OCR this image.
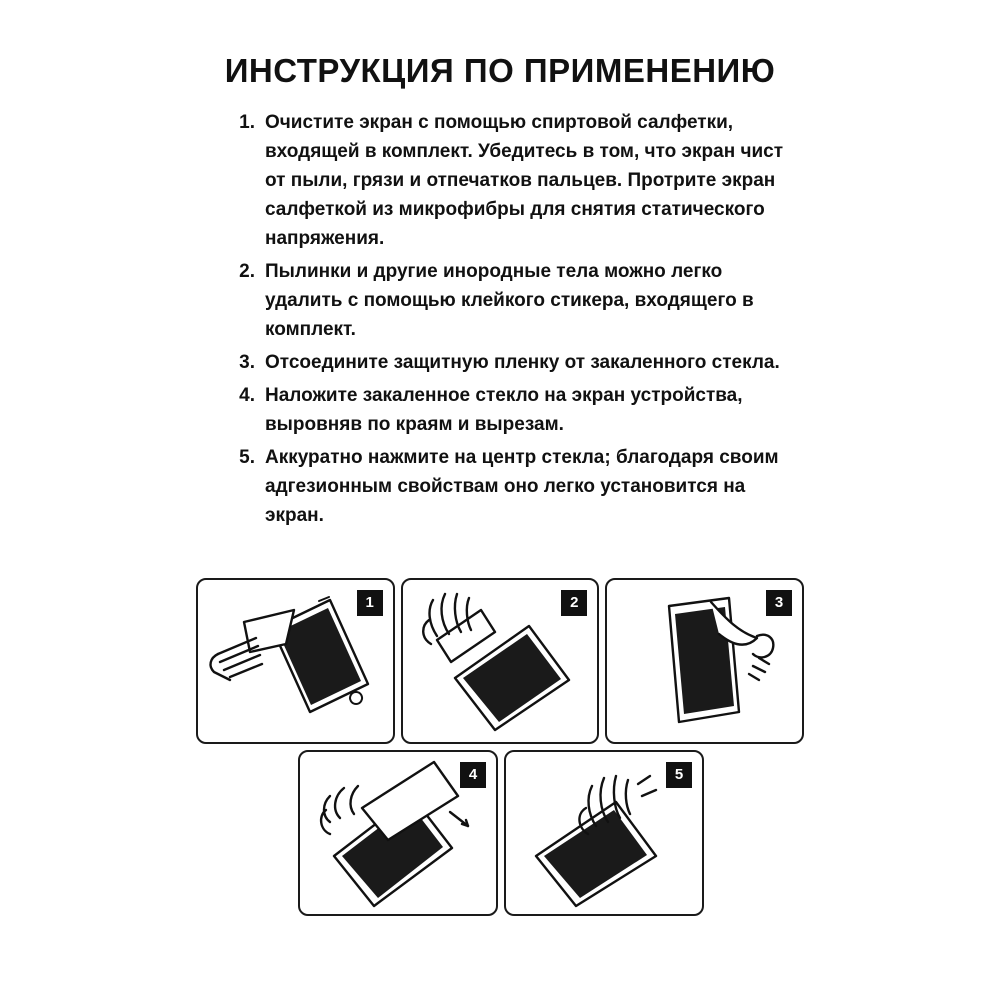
ИНСТРУКЦИЯ ПО ПРИМЕНЕНИЮ
1. Очистите экран с помощью спиртовой салфетки, входящей в комплект. Убедитесь в том, что экран чист от пыли, грязи и отпечатков пальцев. Протрите экран салфеткой из микрофибры для снятия статического напряжения.
2. Пылинки и другие инородные тела можно легко удалить с помощью клейкого стикера, входящего в комплект.
3. Отсоедините защитную пленку от закаленного стекла.
4. Наложите закаленное стекло на экран устройства, выровняв по краям и вырезам.
5. Аккуратно нажмите на центр стекла; благодаря своим адгезионным свойствам оно легко установится на экран.
1	2	3
4	5
